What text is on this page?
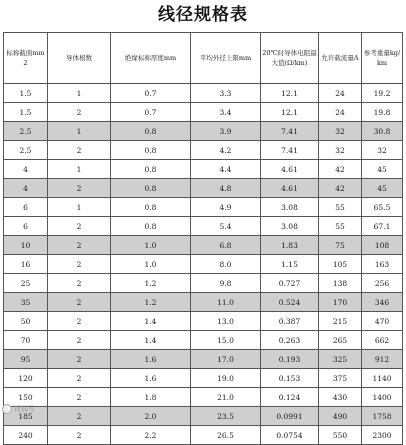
线径规格表
标称截面mm2	导体根数	绝缘标称厚度mm	平均外径上限mm	20℃时导体电阻最大值(Ω/km)	允许载流量A	参考重量kg/km
1.5	1	0.7	3.3	12.1	24	19.2
1.5	2	0.7	3.4	12.1	24	19.8
2.5	1	0.8	3.9	7.41	32	30.8
2.5	2	0.8	4.2	7.41	32	32
4	1	0.8	4.4	4.61	42	45
4	2	0.8	4.8	4.61	42	45
6	1	0.8	4.9	3.08	55	65.5
6	2	0.8	5.4	3.08	55	67.1
10	2	1.0	6.8	1.83	75	108
16	2	1.0	8.0	1.15	105	163
25	2	1.2	9.8	0.727	138	256
35	2	1.2	11.0	0.524	170	346
50	2	1.4	13.0	0.387	215	470
70	2	1.4	15.0	0.263	265	662
95	2	1.6	17.0	0.193	325	912
120	2	1.6	19.0	0.153	375	1140
150	2	1.8	21.0	0.124	430	1400
185	2	2.0	23.5	0.0991	490	1758
240	2	2.2	26.5	0.0754	550	2300
搜狐号
